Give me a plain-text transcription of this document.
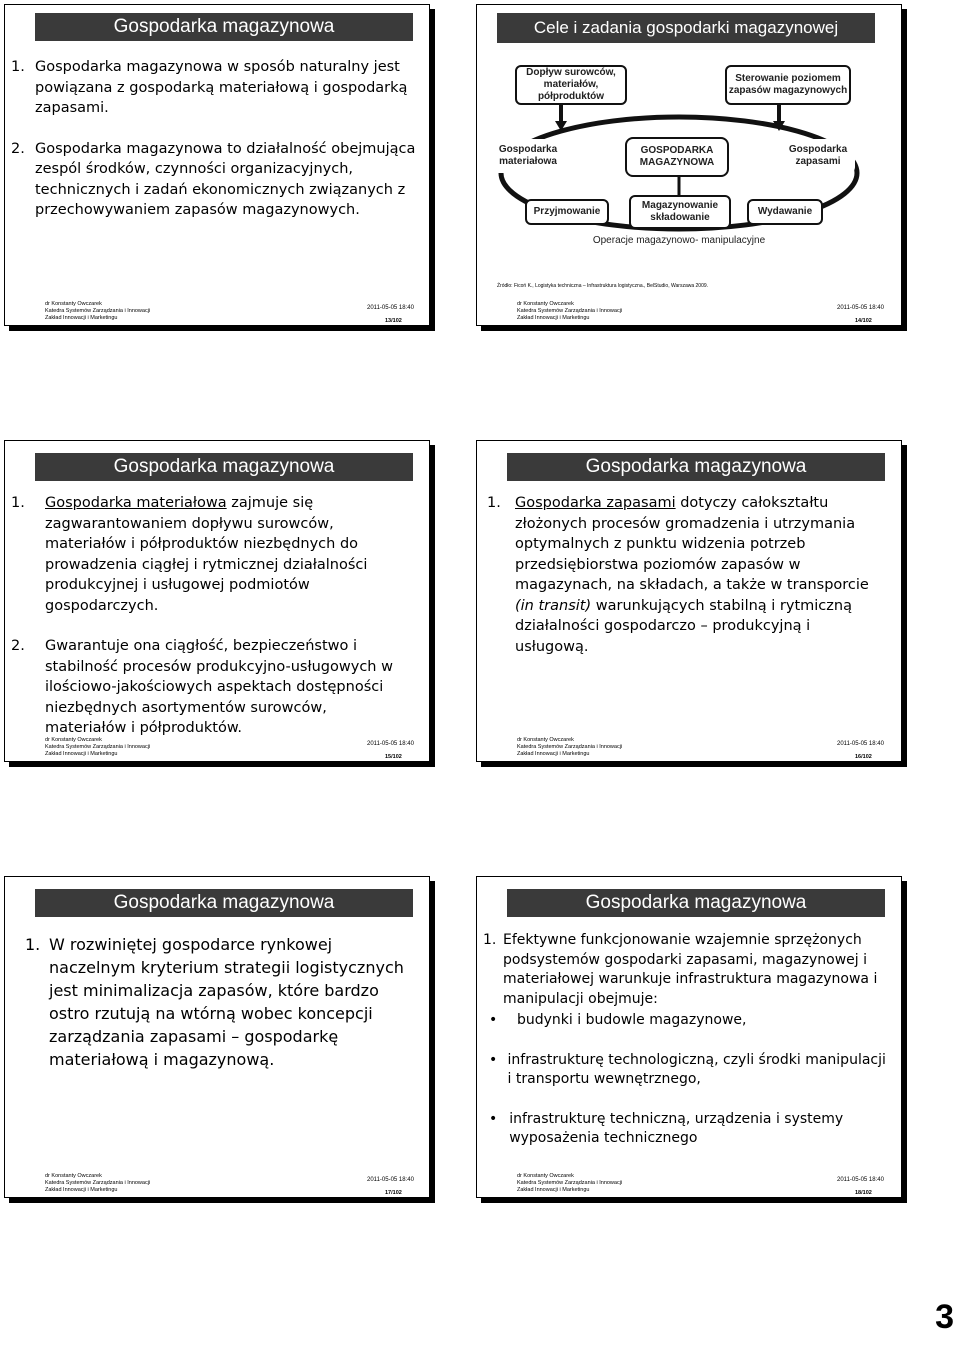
Gospodarka magazynowa
1. Gospodarka magazynowa w sposób naturalny jest powiązana z gospodarką materiałową i gospodarką zapasami.
2. Gospodarka magazynowa to działalność obejmująca zespól środków, czynności organizacyjnych, technicznych i zadań ekonomicznych związanych z przechowywaniem zapasów magazynowych.
dr Konstanty Owczarek
Katedra Systemów Zarządzania i Innowacji
Zakład Innowacji i Marketingu
2011-05-05 18:40
13/102
Cele i zadania gospodarki magazynowej
Dopływ surowców, materiałów, półproduktów
Sterowanie poziomem zapasów magazynowych
Gospodarka materiałowa
GOSPODARKA MAGAZYNOWA
Gospodarka zapasami
Przyjmowanie
Magazynowanie składowanie
Wydawanie
Operacje magazynowo- manipulacyjne
Źródło: Ficoń K., Logistyka techniczna – Infrastruktura logistyczna., BelStudio, Warszawa 2009.
dr Konstanty Owczarek
Katedra Systemów Zarządzania i Innowacji
Zakład Innowacji i Marketingu
2011-05-05 18:40
14/102
Gospodarka magazynowa
1.	Gospodarka materiałowa zajmuje się zagwarantowaniem dopływu surowców, materiałów i półproduktów niezbędnych do prowadzenia ciągłej i rytmicznej działalności produkcyjnej i usługowej podmiotów gospodarczych.
2.	Gwarantuje ona ciągłość, bezpieczeństwo i stabilność procesów produkcyjno-usługowych w ilościowo-jakościowych aspektach dostępności niezbędnych asortymentów surowców, materiałów i półproduktów.
dr Konstanty Owczarek
Katedra Systemów Zarządzania i Innowacji
Zakład Innowacji i Marketingu
2011-05-05 18:40
15/102
Gospodarka magazynowa
1. Gospodarka zapasami dotyczy całokształtu złożonych procesów gromadzenia i utrzymania optymalnych z punktu widzenia potrzeb przedsiębiorstwa poziomów zapasów w magazynach, na składach, a także w transporcie (in transit) warunkujących stabilną i rytmiczną działalności gospodarczo – produkcyjną i usługową.
dr Konstanty Owczarek
Katedra Systemów Zarządzania i Innowacji
Zakład Innowacji i Marketingu
2011-05-05 18:40
16/102
Gospodarka magazynowa
1. W rozwiniętej gospodarce rynkowej naczelnym kryterium strategii logistycznych jest minimalizacja zapasów, które bardzo ostro rzutują na wtórną wobec koncepcji zarządzania zapasami – gospodarkę materiałową i magazynową.
dr Konstanty Owczarek
Katedra Systemów Zarządzania i Innowacji
Zakład Innowacji i Marketingu
2011-05-05 18:40
17/102
Gospodarka magazynowa
1. Efektywne funkcjonowanie wzajemnie sprzężonych podsystemów gospodarki zapasami, magazynowej i materiałowej warunkuje infrastruktura magazynowa i manipulacji obejmuje:
•	budynki i budowle magazynowe,
• infrastrukturę technologiczną, czyli środki manipulacji i transportu wewnętrznego,
• infrastrukturę techniczną, urządzenia i systemy wyposażenia technicznego
dr Konstanty Owczarek
Katedra Systemów Zarządzania i Innowacji
Zakład Innowacji i Marketingu
2011-05-05 18:40
18/102
3
